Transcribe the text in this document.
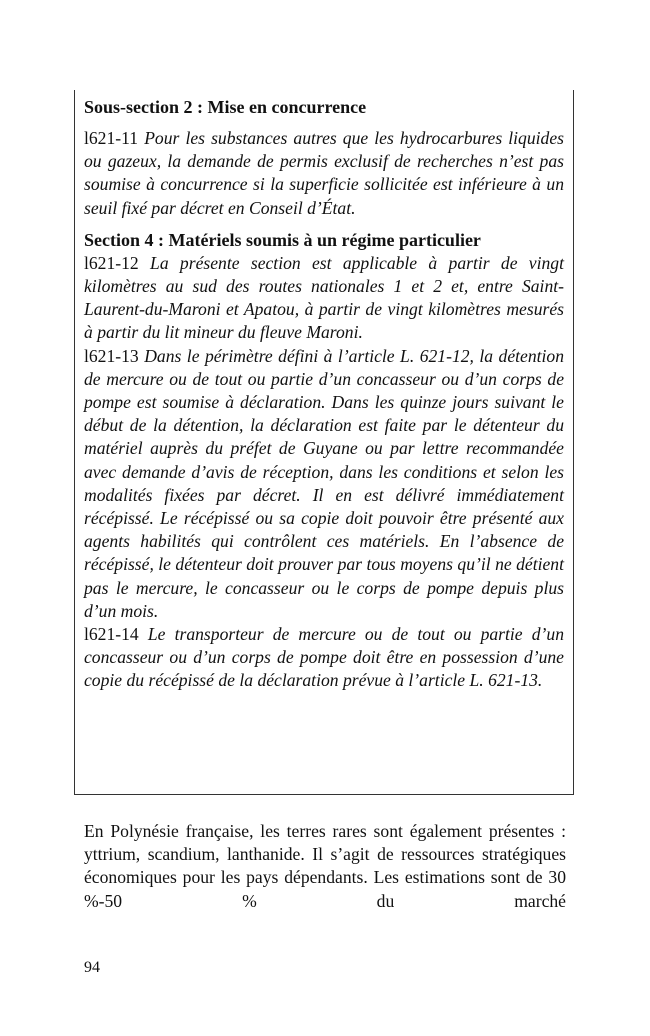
Sous-section 2 : Mise en concurrence

l621-11 Pour les substances autres que les hydrocarbures liquides ou gazeux, la demande de permis exclusif de recherches n’est pas soumise à concurrence si la superficie sollicitée est inférieure à un seuil fixé par décret en Conseil d’État.

Section 4 : Matériels soumis à un régime particulier

l621-12 La présente section est applicable à partir de vingt kilomètres au sud des routes nationales 1 et 2 et, entre Saint-Laurent-du-Maroni et Apatou, à partir de vingt kilomètres mesurés à partir du lit mineur du fleuve Maroni.

l621-13 Dans le périmètre défini à l’article L. 621-12, la détention de mercure ou de tout ou partie d’un concasseur ou d’un corps de pompe est soumise à déclaration. Dans les quinze jours suivant le début de la détention, la déclaration est faite par le détenteur du matériel auprès du préfet de Guyane ou par lettre recommandée avec demande d’avis de réception, dans les conditions et selon les modalités fixées par décret. Il en est délivré immédiatement récépissé. Le récépissé ou sa copie doit pouvoir être présenté aux agents habilités qui contrôlent ces matériels. En l’absence de récépissé, le détenteur doit prouver par tous moyens qu’il ne détient pas le mercure, le concasseur ou le corps de pompe depuis plus d’un mois.

l621-14 Le transporteur de mercure ou de tout ou partie d’un concasseur ou d’un corps de pompe doit être en possession d’une copie du récépissé de la déclaration prévue à l’article L. 621-13.

En Polynésie française, les terres rares sont également présentes : yttrium, scandium, lanthanide. Il s’agit de ressources stratégiques économiques pour les pays dépendants. Les estimations sont de 30 %-50 % du marché

94
